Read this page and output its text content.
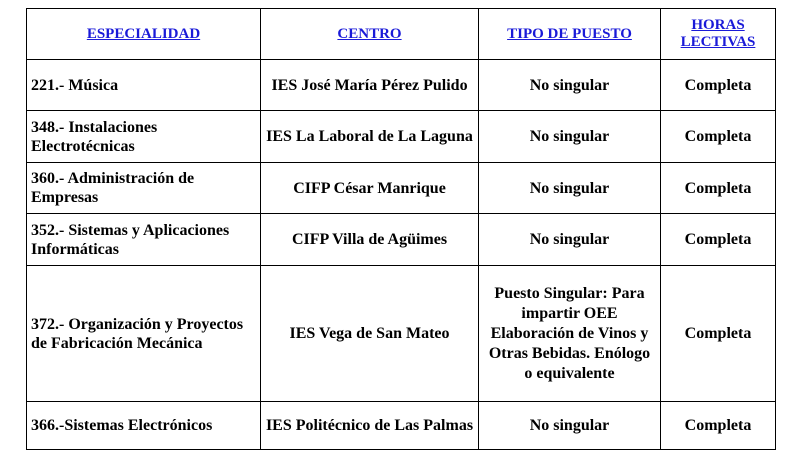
ESPECIALIDAD	CENTRO	TIPO DE PUESTO	HORAS LECTIVAS
221.- Música	IES José María Pérez Pulido	No singular	Completa
348.- Instalaciones Electrotécnicas	IES La Laboral de La Laguna	No singular	Completa
360.- Administración de Empresas	CIFP César Manrique	No singular	Completa
352.- Sistemas y Aplicaciones Informáticas	CIFP Villa de Agüimes	No singular	Completa
372.- Organización y Proyectos de Fabricación Mecánica	IES Vega de San Mateo	Puesto Singular: Para impartir OEE Elaboración de Vinos y Otras Bebidas. Enólogo o equivalente	Completa
366.-Sistemas Electrónicos	IES Politécnico de Las Palmas	No singular	Completa
